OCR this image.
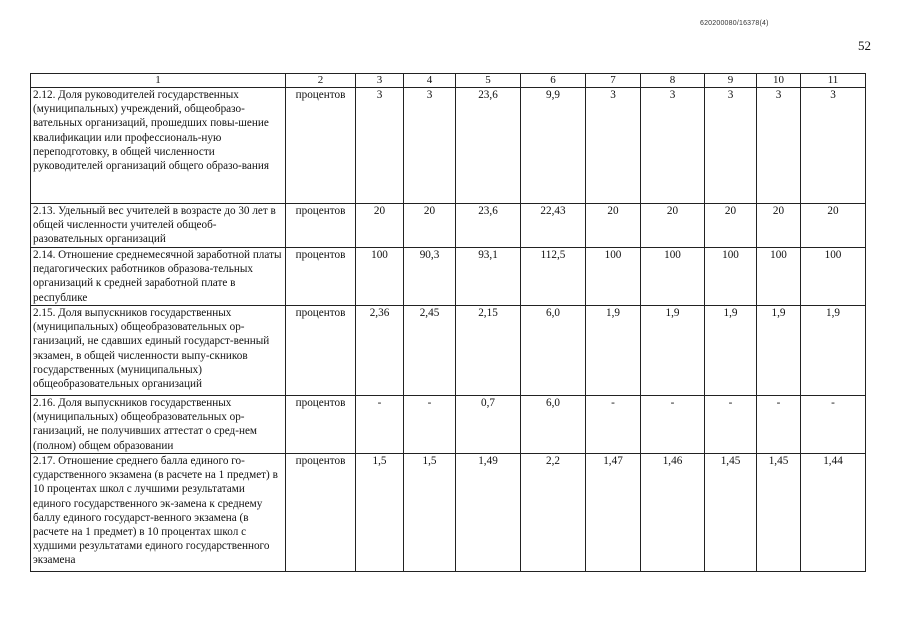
620200080/16378(4)
52
1	2	3	4	5	6	7	8	9	10	11
2.12. Доля руководителей государственных (муниципальных) учреждений, общеобразо-вательных организаций, прошедших повы-шение квалификации или профессиональ-ную переподготовку, в общей численности руководителей организаций общего образо-вания	процентов	3	3	23,6	9,9	3	3	3	3	3
2.13. Удельный вес учителей в возрасте до 30 лет в общей численности учителей общеоб-разовательных организаций	процентов	20	20	23,6	22,43	20	20	20	20	20
2.14. Отношение среднемесячной заработной платы педагогических работников образова-тельных организаций к средней заработной плате в республике	процентов	100	90,3	93,1	112,5	100	100	100	100	100
2.15. Доля выпускников государственных (муниципальных) общеобразовательных ор-ганизаций, не сдавших единый государст-венный экзамен, в общей численности выпу-скников государственных (муниципальных) общеобразовательных организаций	процентов	2,36	2,45	2,15	6,0	1,9	1,9	1,9	1,9	1,9
2.16. Доля выпускников государственных (муниципальных) общеобразовательных ор-ганизаций, не получивших аттестат о сред-нем (полном) общем образовании	процентов	-	-	0,7	6,0	-	-	-	-	-
2.17. Отношение среднего балла единого го-сударственного экзамена (в расчете на 1 предмет) в 10 процентах школ с лучшими результатами единого государственного эк-замена к среднему баллу единого государст-венного экзамена (в расчете на 1 предмет) в 10 процентах школ с худшими результатами единого государственного экзамена	процентов	1,5	1,5	1,49	2,2	1,47	1,46	1,45	1,45	1,44
